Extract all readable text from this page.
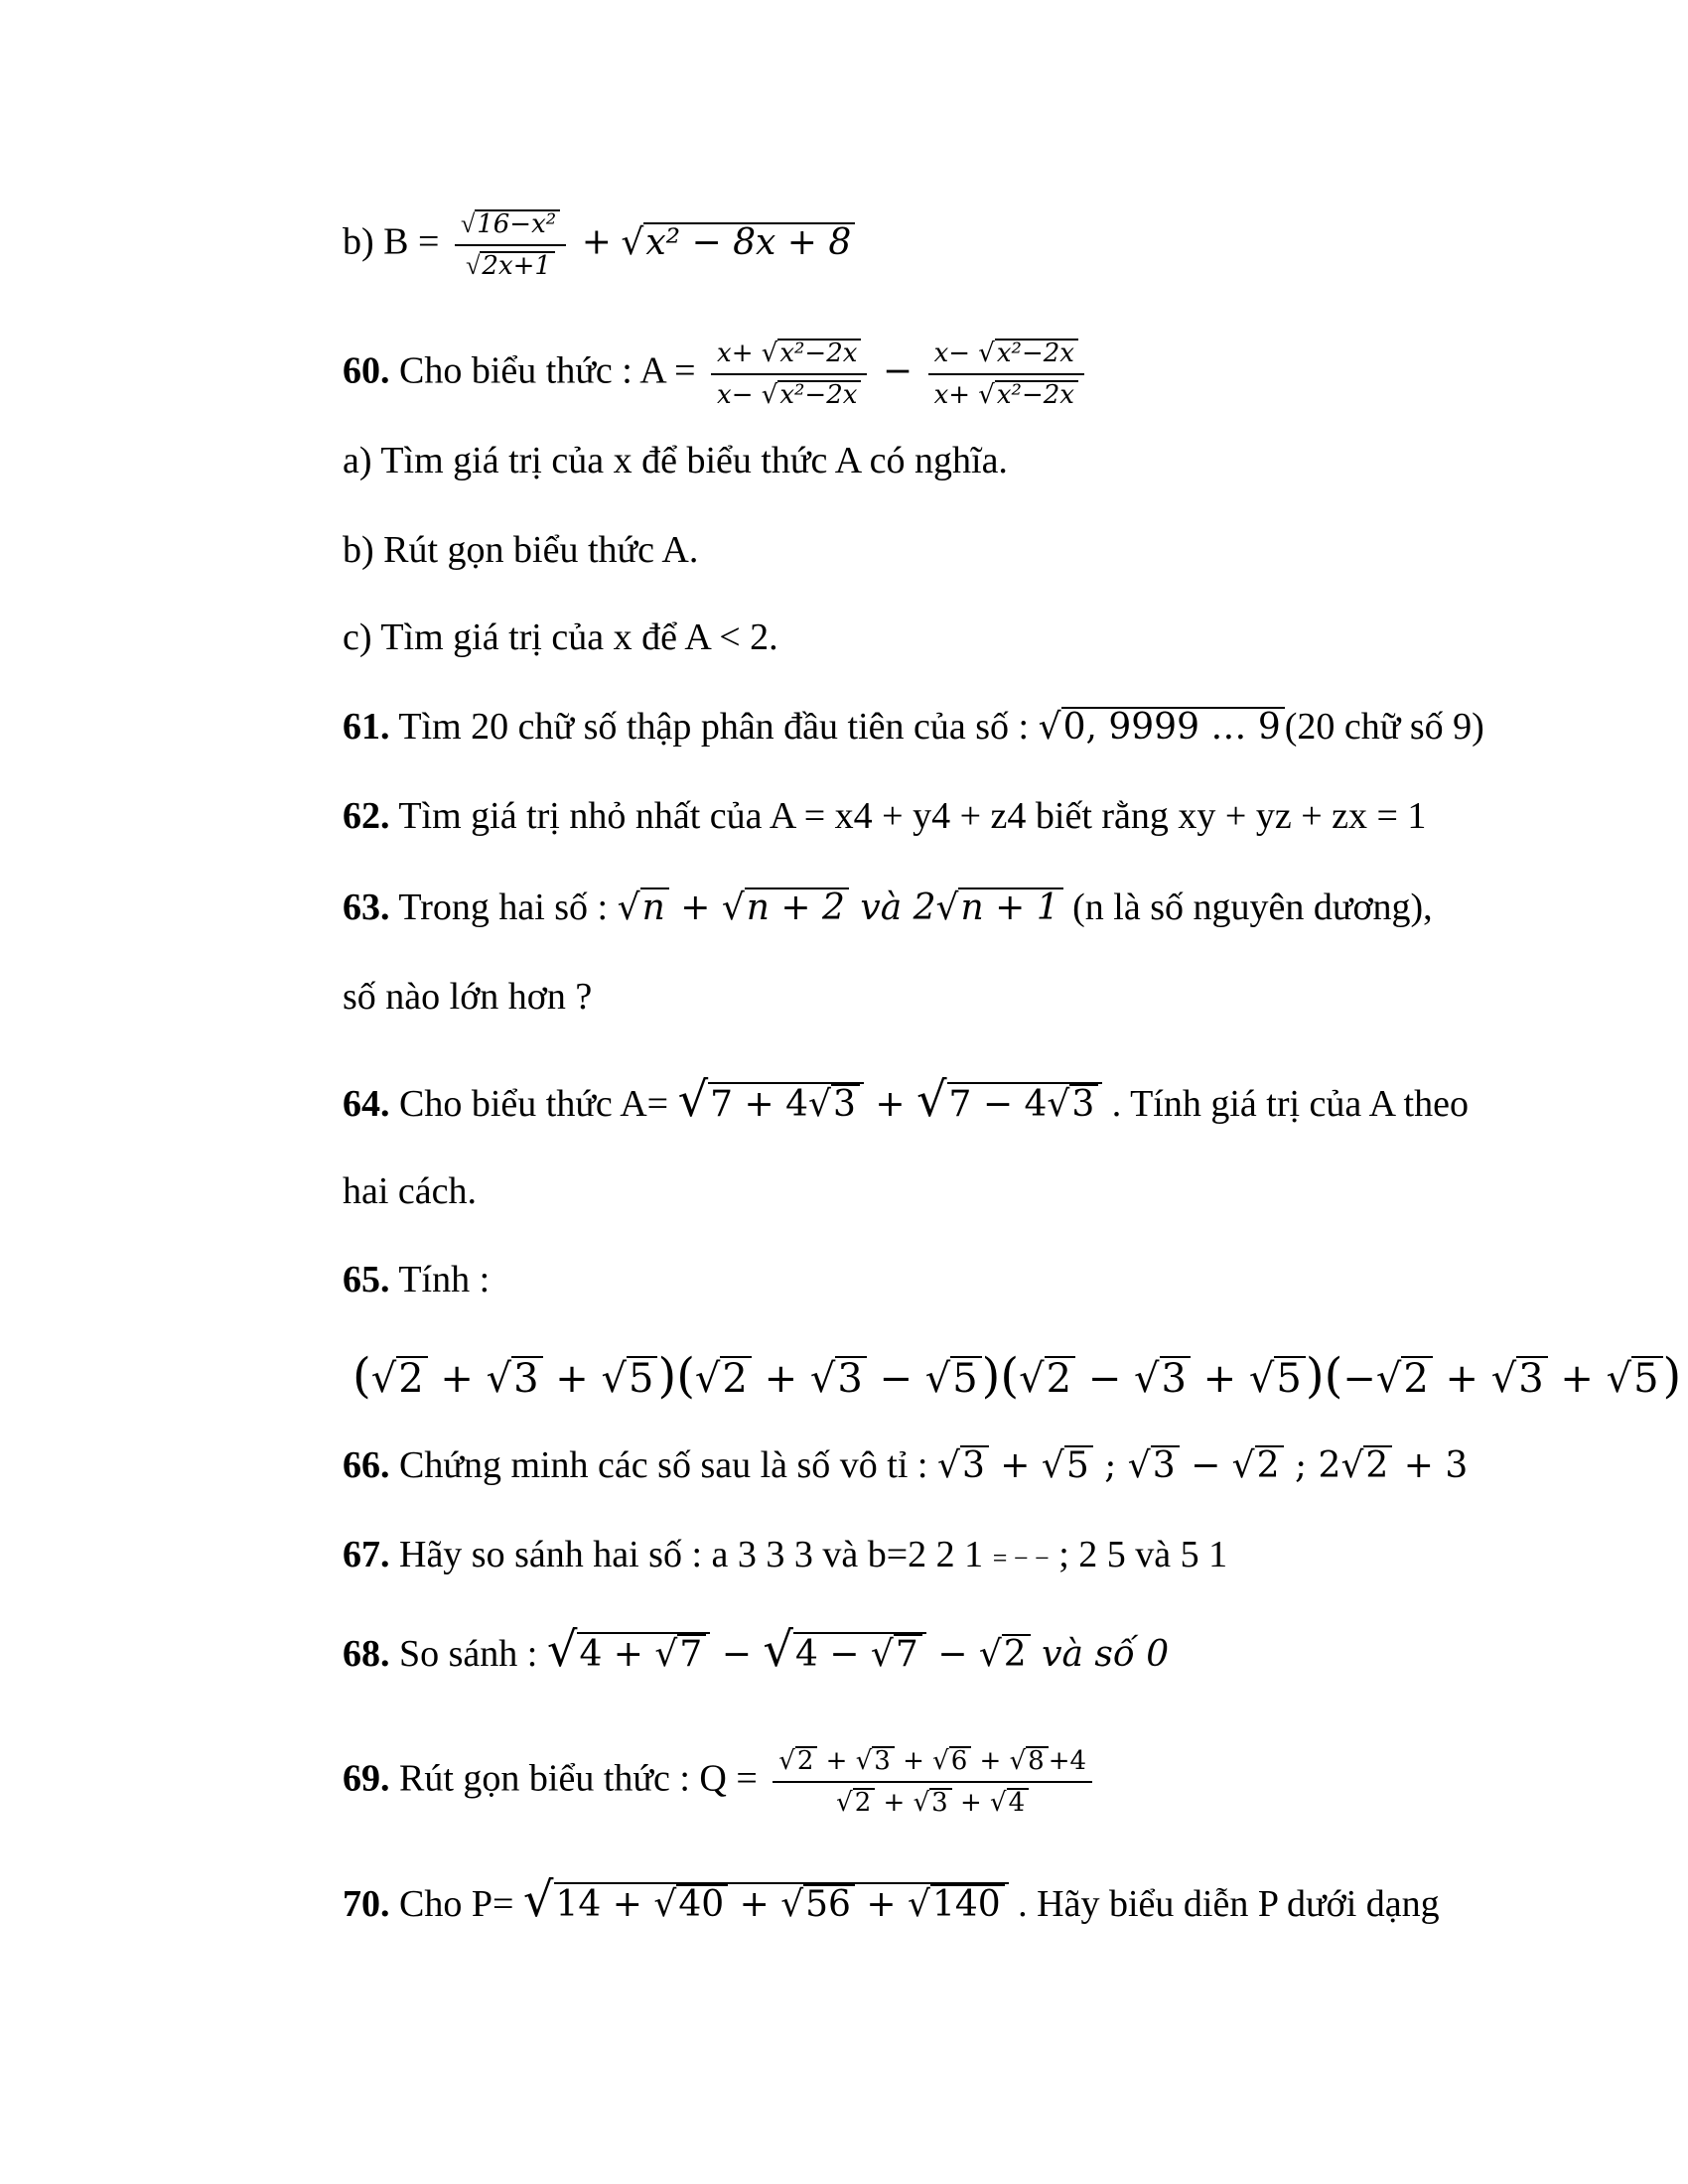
b) $B = \frac{\text{√16−x²}}{√2x+1} + √x^2 - 8x + 8$
60. Cho biểu thức : $A = \frac{\text{x+ √x²−2x}}{\text{x− √x²−2x}} - \frac{\text{x− √x²−2x}}{\text{x+ √x²−2x}}$
a) Tìm giá trị của x để biểu thức A có nghĩa.
b) Rút gọn biểu thức A.
c) Tìm giá trị của x để A < 2.
61. Tìm 20 chữ số thập phân đầu tiên của số : √0, 9999 … 9 (20 chữ số 9)
62. Tìm giá trị nhỏ nhất của A = x4 + y4 + z4 biết rằng xy + yz + zx = 1
63. Trong hai số : √n + √n + 2 và 2√n + 1 (n là số nguyên dương),
số nào lớn hơn ?
64. Cho biểu thức A= √7 + 4√3 + √7 − 4√3 . Tính giá trị của A theo
hai cách.
65. Tính :
(√2 + √3 + √5)(√2 + √3 − √5)(√2 − √3 + √5)(−√2 + √3 + √5)
66. Chứng minh các số sau là số vô tỉ : √3 + √5 ; √3 − √2 ; 2√2 + 3
67. Hãy so sánh hai số : a 3 3 3 và b=2 2 1 = − − ; 2 5 và 5 1
68. So sánh : √4 + √7 − √4 − √7 − √2 và số 0
69. Rút gọn biểu thức : $Q = \frac{√2 + √3 + √6 + √8 +4}{√2 + √3 + √4}$
70. Cho P= √14 + √40 + √56 + √140 . Hãy biểu diễn P dưới dạng
